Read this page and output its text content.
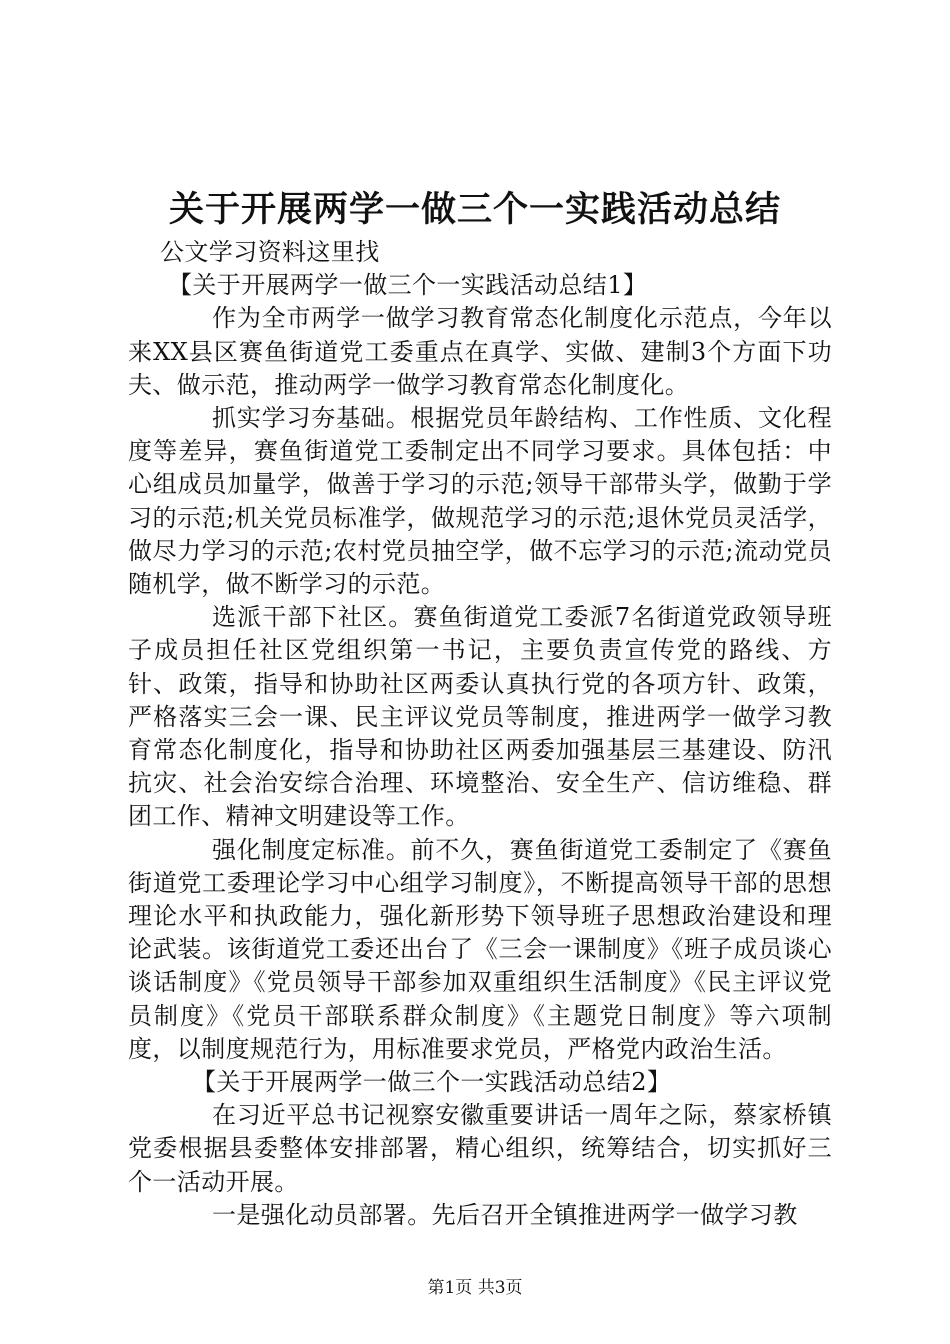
关于开展两学一做三个一实践活动总结

公文学习资料这里找

【关于开展两学一做三个一实践活动总结1】

作为全市两学一做学习教育常态化制度化示范点，今年以来XX县区赛鱼街道党工委重点在真学、实做、建制3个方面下功夫、做示范，推动两学一做学习教育常态化制度化。

抓实学习夯基础。根据党员年龄结构、工作性质、文化程度等差异，赛鱼街道党工委制定出不同学习要求。具体包括：中心组成员加量学，做善于学习的示范;领导干部带头学，做勤于学习的示范;机关党员标准学，做规范学习的示范;退休党员灵活学，做尽力学习的示范;农村党员抽空学，做不忘学习的示范;流动党员随机学，做不断学习的示范。

选派干部下社区。赛鱼街道党工委派7名街道党政领导班子成员担任社区党组织第一书记，主要负责宣传党的路线、方针、政策，指导和协助社区两委认真执行党的各项方针、政策，严格落实三会一课、民主评议党员等制度，推进两学一做学习教育常态化制度化，指导和协助社区两委加强基层三基建设、防汛抗灾、社会治安综合治理、环境整治、安全生产、信访维稳、群团工作、精神文明建设等工作。

强化制度定标准。前不久，赛鱼街道党工委制定了《赛鱼街道党工委理论学习中心组学习制度》，不断提高领导干部的思想理论水平和执政能力，强化新形势下领导班子思想政治建设和理论武装。该街道党工委还出台了《三会一课制度》《班子成员谈心谈话制度》《党员领导干部参加双重组织生活制度》《民主评议党员制度》《党员干部联系群众制度》《主题党日制度》等六项制度，以制度规范行为，用标准要求党员，严格党内政治生活。

【关于开展两学一做三个一实践活动总结2】

在习近平总书记视察安徽重要讲话一周年之际，蔡家桥镇党委根据县委整体安排部署，精心组织，统筹结合，切实抓好三个一活动开展。

一是强化动员部署。先后召开全镇推进两学一做学习教

第1页 共3页
